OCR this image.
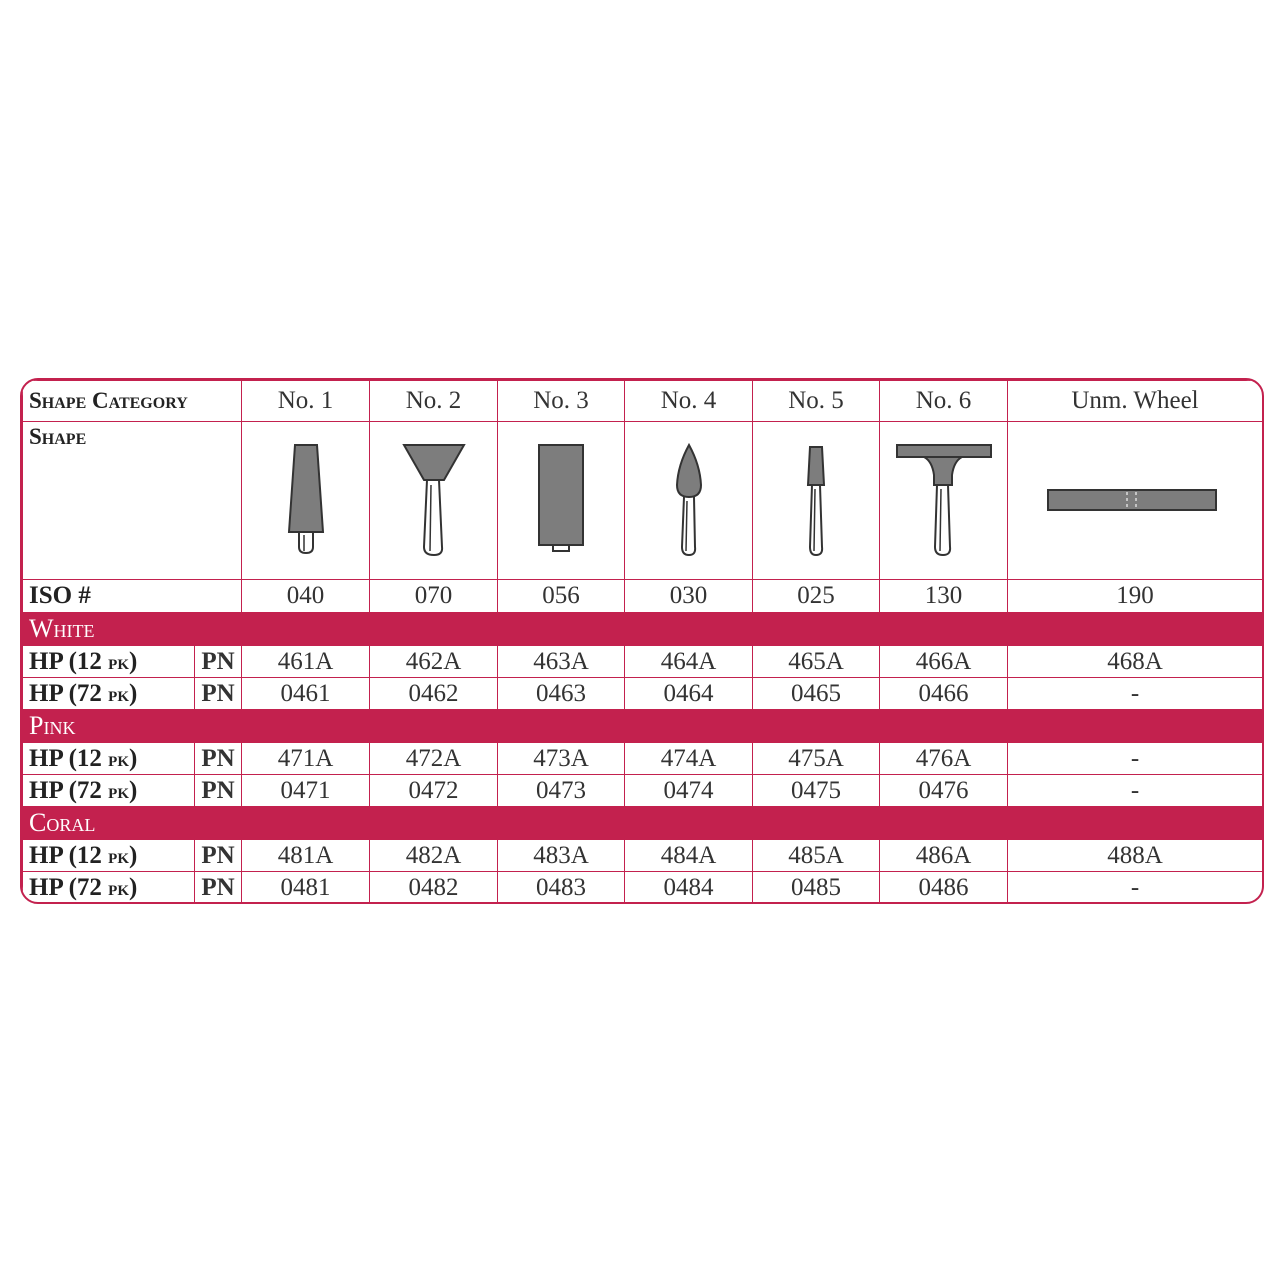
Shape Category		No. 1	No. 2	No. 3	No. 4	No. 5	No. 6	Unm. Wheel
Shape	

ISO #		040	070	056	030	025	130	190
White								
HP (12 pk)	PN	461A	462A	463A	464A	465A	466A	468A
HP (72 pk)	PN	0461	0462	0463	0464	0465	0466	-
Pink								
HP (12 pk)	PN	471A	472A	473A	474A	475A	476A	-
HP (72 pk)	PN	0471	0472	0473	0474	0475	0476	-
Coral								
HP (12 pk)	PN	481A	482A	483A	484A	485A	486A	488A
HP (72 pk)	PN	0481	0482	0483	0484	0485	0486	-
